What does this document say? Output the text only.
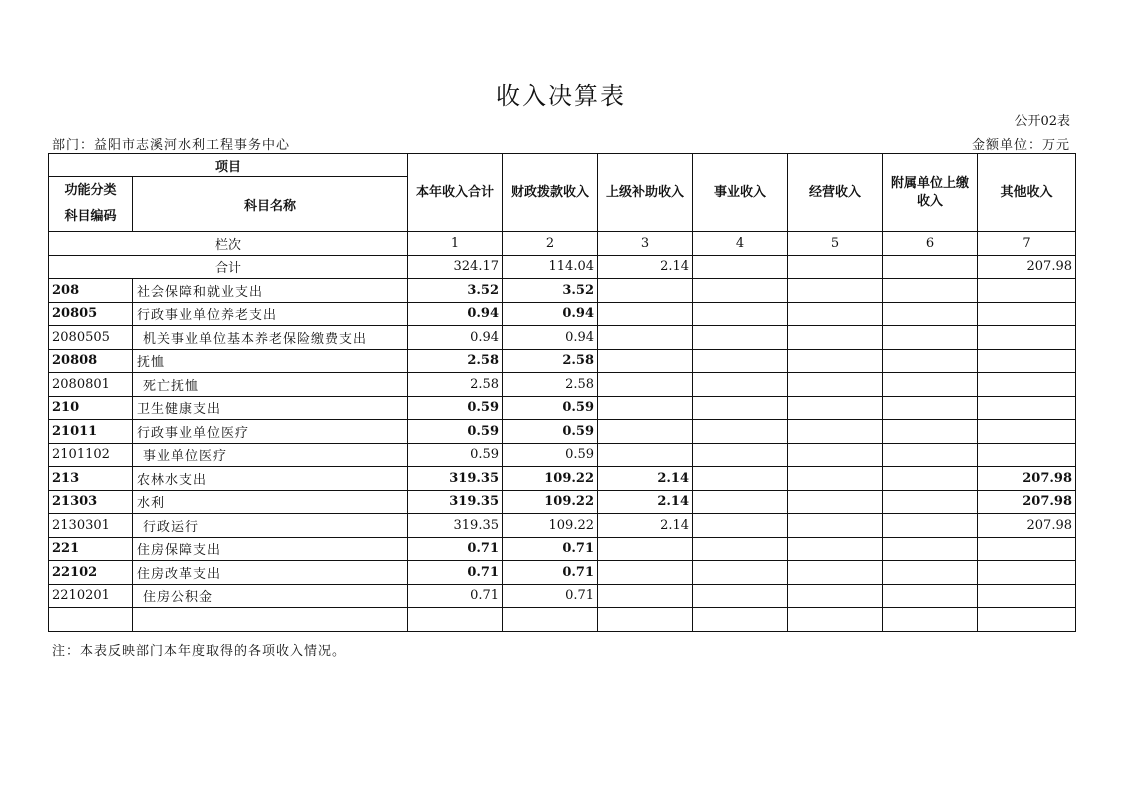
收入决算表
公开02表
部门：益阳市志溪河水利工程事务中心	金额单位：万元
项目		本年收入合计	财政拨款收入	上级补助收入	事业收入	经营收入	附属单位上缴收入	其他收入

功能分类
科目编码	科目名称							
栏次		1	2	3	4	5	6	7
合计		324.17	114.04	2.14				207.98
208	社会保障和就业支出	3.52	3.52					
20805	行政事业单位养老支出	0.94	0.94					
2080505	机关事业单位基本养老保险缴费支出	0.94	0.94					
20808	抚恤	2.58	2.58					
2080801	死亡抚恤	2.58	2.58					
210	卫生健康支出	0.59	0.59					
21011	行政事业单位医疗	0.59	0.59					
2101102	事业单位医疗	0.59	0.59					
213	农林水支出	319.35	109.22	2.14				207.98
21303	水利	319.35	109.22	2.14				207.98
2130301	行政运行	319.35	109.22	2.14				207.98
221	住房保障支出	0.71	0.71					
22102	住房改革支出	0.71	0.71					
2210201	住房公积金	0.71	0.71					

注：本表反映部门本年度取得的各项收入情况。
